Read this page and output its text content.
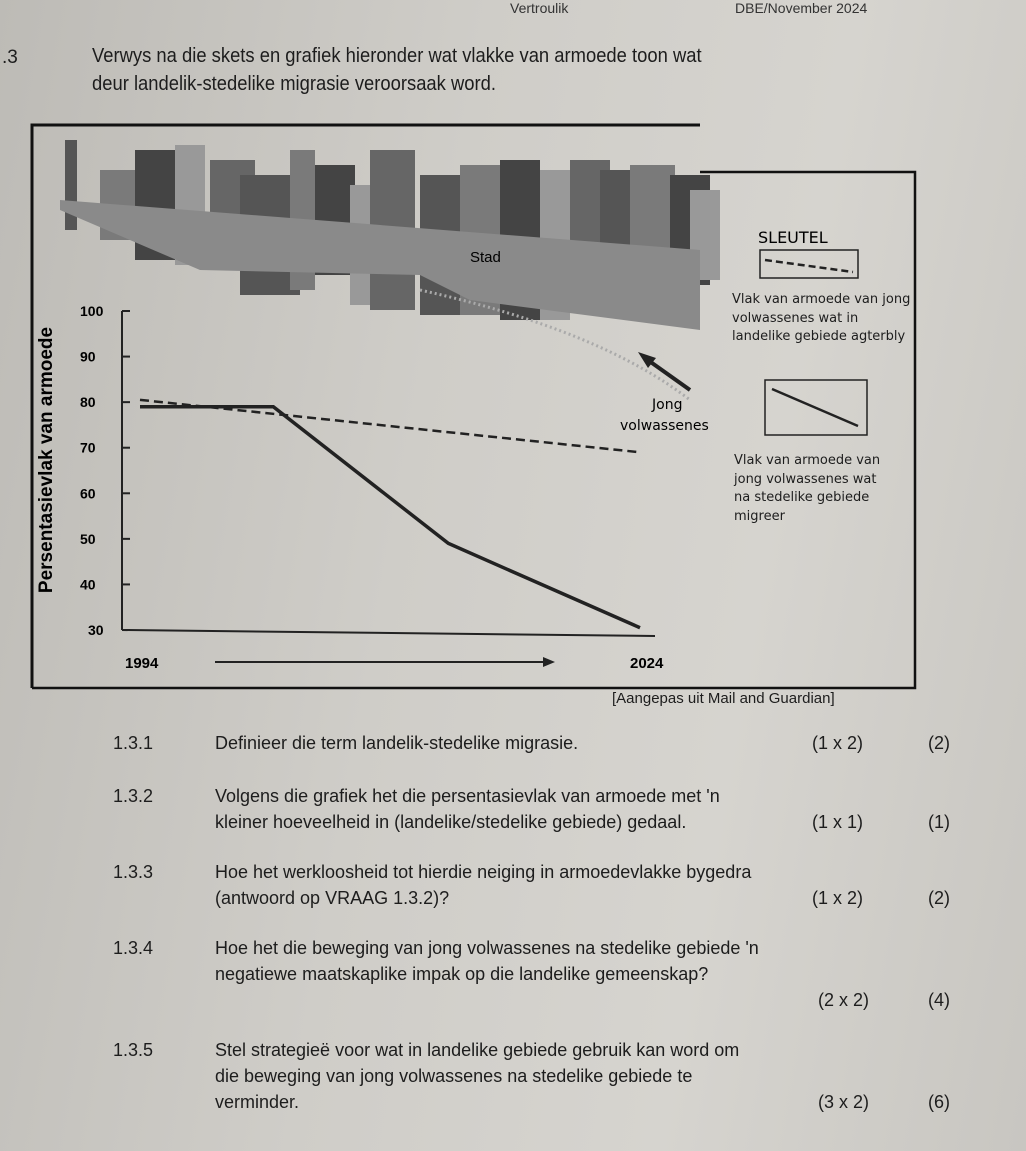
Vertroulik	DBE/November 2024
.3	Verwys na die skets en grafiek hieronder wat vlakke van armoede toon wat
deur landelik-stedelike migrasie veroorsaak word.
Stad
Jong
volwassenes
Persentasievlak van armoede
30
40
50
60
70
80
90
100
1994	2024
SLEUTEL
Vlak van armoede van jong volwassenes wat in landelike gebiede agterbly
Vlak van armoede van jong volwassenes wat na stedelike gebiede migreer
[Aangepas uit Mail and Guardian]
1.3.1	Definieer die term landelik-stedelike migrasie.	(1 x 2)	(2)
1.3.2	Volgens die grafiek het die persentasievlak van armoede met 'n
kleiner hoeveelheid in (landelike/stedelike gebiede) gedaal.	(1 x 1)	(1)
1.3.3	Hoe het werkloosheid tot hierdie neiging in armoedevlakke bygedra
(antwoord op VRAAG 1.3.2)?	(1 x 2)	(2)
1.3.4	Hoe het die beweging van jong volwassenes na stedelike gebiede 'n
negatiewe maatskaplike impak op die landelike gemeenskap?
(2 x 2)	(4)
1.3.5	Stel strategieë voor wat in landelike gebiede gebruik kan word om
die beweging van jong volwassenes na stedelike gebiede te
verminder.	(3 x 2)	(6)
